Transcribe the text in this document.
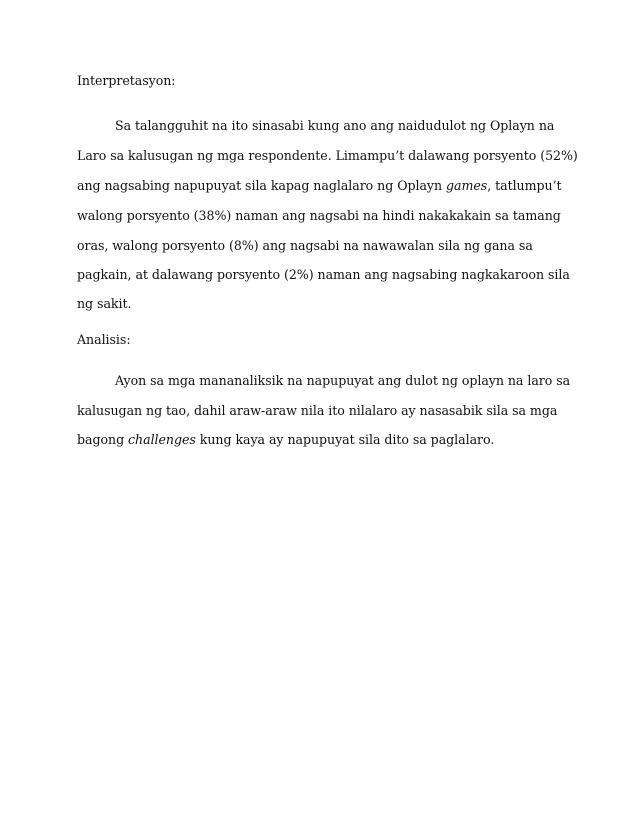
Interpretasyon:
Sa talangguhit na ito sinasabi kung ano ang naidudulot ng Oplayn na
Laro sa kalusugan ng mga respondente. Limampu’t dalawang porsyento (52%)
ang nagsabing napupuyat sila kapag naglalaro ng Oplayn games, tatlumpu’t
walong porsyento (38%) naman ang nagsabi na hindi nakakakain sa tamang
oras, walong porsyento (8%) ang nagsabi na nawawalan sila ng gana sa
pagkain, at dalawang porsyento (2%) naman ang nagsabing nagkakaroon sila
ng sakit.
Analisis:
Ayon sa mga mananaliksik na napupuyat ang dulot ng oplayn na laro sa
kalusugan ng tao, dahil araw-araw nila ito nilalaro ay nasasabik sila sa mga
bagong challenges kung kaya ay napupuyat sila dito sa paglalaro.
